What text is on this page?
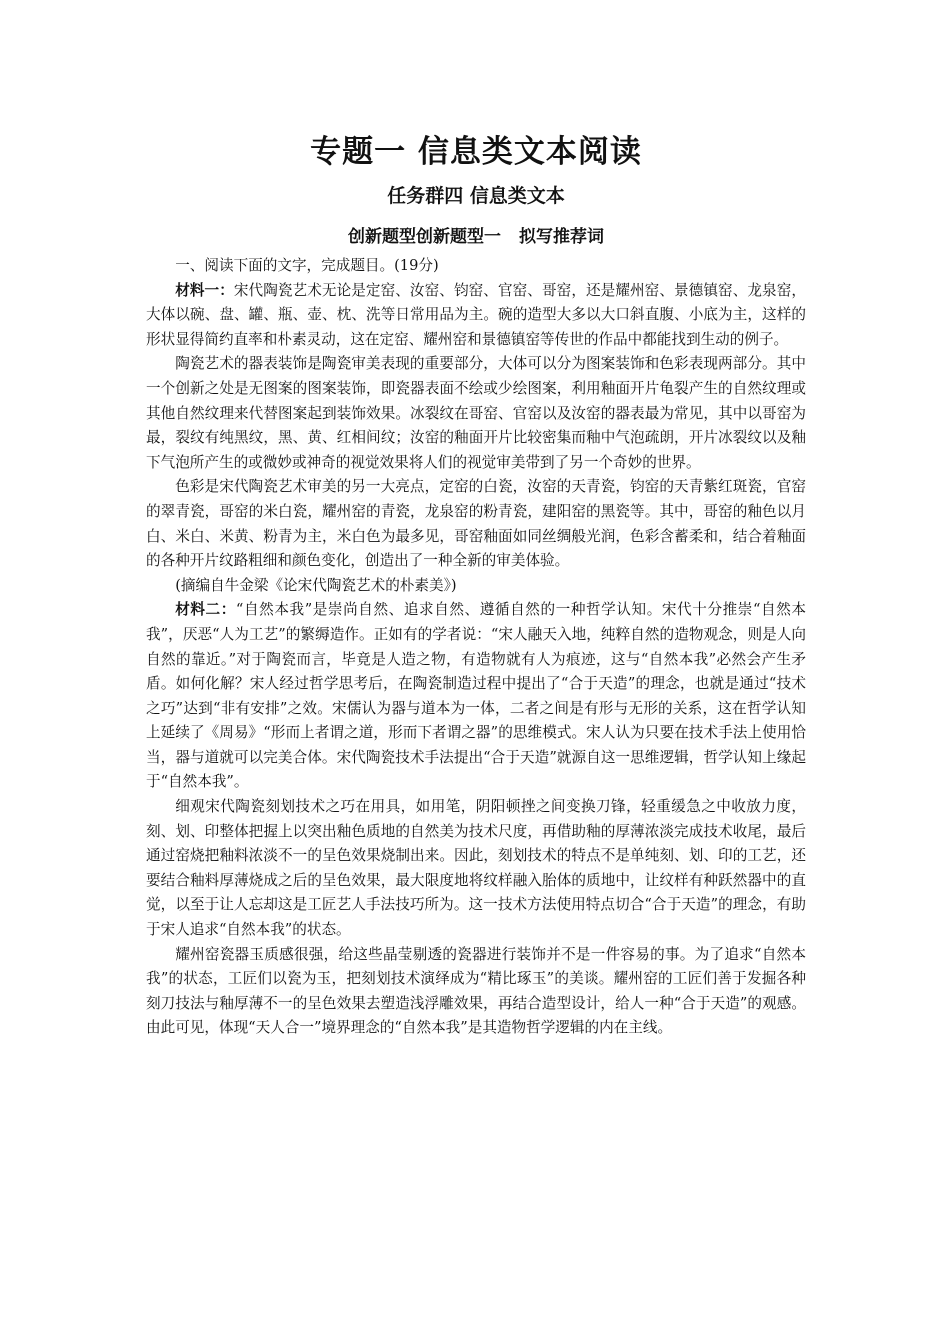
专题一 信息类文本阅读
任务群四 信息类文本
创新题型创新题型一 拟写推荐词

一、阅读下面的文字，完成题目。(19分)

材料一：宋代陶瓷艺术无论是定窑、汝窑、钧窑、官窑、哥窑，还是耀州窑、景德镇窑、龙泉窑，大体以碗、盘、罐、瓶、壶、枕、洗等日常用品为主。碗的造型大多以大口斜直腹、小底为主，这样的形状显得简约直率和朴素灵动，这在定窑、耀州窑和景德镇窑等传世的作品中都能找到生动的例子。

陶瓷艺术的器表装饰是陶瓷审美表现的重要部分，大体可以分为图案装饰和色彩表现两部分。其中一个创新之处是无图案的图案装饰，即瓷器表面不绘或少绘图案，利用釉面开片龟裂产生的自然纹理或其他自然纹理来代替图案起到装饰效果。冰裂纹在哥窑、官窑以及汝窑的器表最为常见，其中以哥窑为最，裂纹有纯黑纹，黑、黄、红相间纹；汝窑的釉面开片比较密集而釉中气泡疏朗，开片冰裂纹以及釉下气泡所产生的或微妙或神奇的视觉效果将人们的视觉审美带到了另一个奇妙的世界。

色彩是宋代陶瓷艺术审美的另一大亮点，定窑的白瓷，汝窑的天青瓷，钧窑的天青紫红斑瓷，官窑的翠青瓷，哥窑的米白瓷，耀州窑的青瓷，龙泉窑的粉青瓷，建阳窑的黑瓷等。其中，哥窑的釉色以月白、米白、米黄、粉青为主，米白色为最多见，哥窑釉面如同丝绸般光润，色彩含蓄柔和，结合着釉面的各种开片纹路粗细和颜色变化，创造出了一种全新的审美体验。

(摘编自牛金梁《论宋代陶瓷艺术的朴素美》)

材料二：“自然本我”是崇尚自然、追求自然、遵循自然的一种哲学认知。宋代十分推崇“自然本我”，厌恶“人为工艺”的繁缛造作。正如有的学者说：“宋人融天入地，纯粹自然的造物观念，则是人向自然的靠近。”对于陶瓷而言，毕竟是人造之物，有造物就有人为痕迹，这与“自然本我”必然会产生矛盾。如何化解？宋人经过哲学思考后，在陶瓷制造过程中提出了“合于天造”的理念，也就是通过“技术之巧”达到“非有安排”之效。宋儒认为器与道本为一体，二者之间是有形与无形的关系，这在哲学认知上延续了《周易》“形而上者谓之道，形而下者谓之器”的思维模式。宋人认为只要在技术手法上使用恰当，器与道就可以完美合体。宋代陶瓷技术手法提出“合于天造”就源自这一思维逻辑，哲学认知上缘起于“自然本我”。

细观宋代陶瓷刻划技术之巧在用具，如用笔，阴阳顿挫之间变换刀锋，轻重缓急之中收放力度，刻、划、印整体把握上以突出釉色质地的自然美为技术尺度，再借助釉的厚薄浓淡完成技术收尾，最后通过窑烧把釉料浓淡不一的呈色效果烧制出来。因此，刻划技术的特点不是单纯刻、划、印的工艺，还要结合釉料厚薄烧成之后的呈色效果，最大限度地将纹样融入胎体的质地中，让纹样有种跃然器中的直觉，以至于让人忘却这是工匠艺人手法技巧所为。这一技术方法使用特点切合“合于天造”的理念，有助于宋人追求“自然本我”的状态。

耀州窑瓷器玉质感很强，给这些晶莹剔透的瓷器进行装饰并不是一件容易的事。为了追求“自然本我”的状态，工匠们以瓷为玉，把刻划技术演绎成为“精比琢玉”的美谈。耀州窑的工匠们善于发掘各种刻刀技法与釉厚薄不一的呈色效果去塑造浅浮雕效果，再结合造型设计，给人一种“合于天造”的观感。由此可见，体现“天人合一”境界理念的“自然本我”是其造物哲学逻辑的内在主线。
